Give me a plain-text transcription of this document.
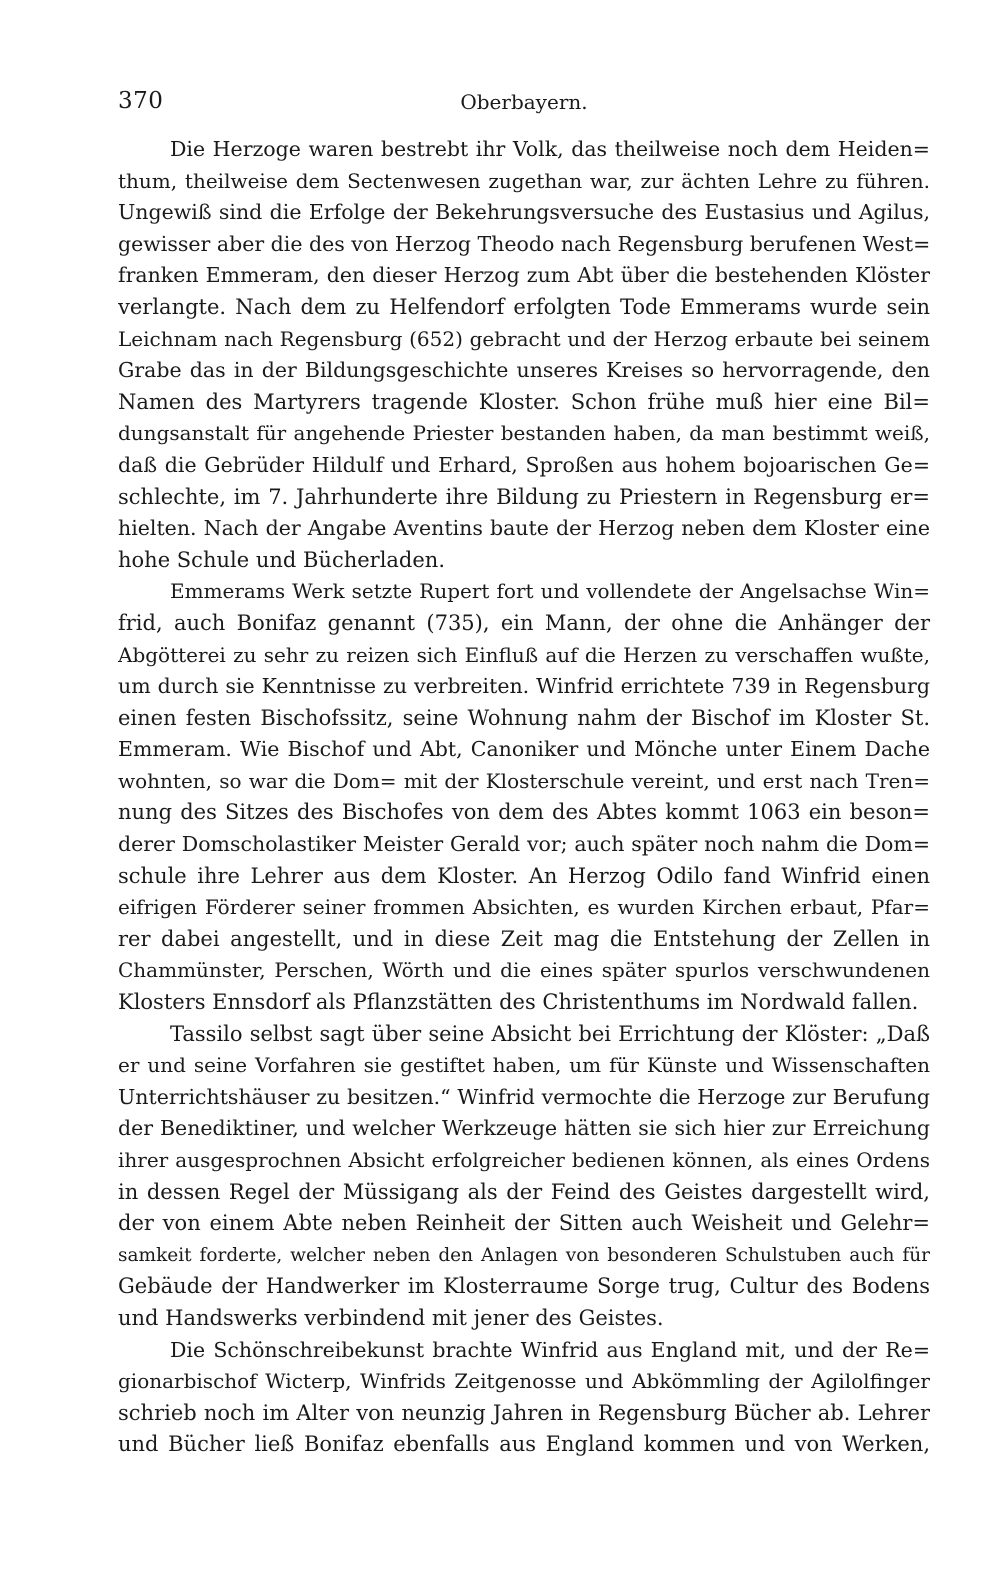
370	Oberbayern.
Die Herzoge waren bestrebt ihr Volk, das theilweise noch dem Heiden=
thum, theilweise dem Sectenwesen zugethan war, zur ächten Lehre zu führen.
Ungewiß sind die Erfolge der Bekehrungsversuche des Eustasius und Agilus,
gewisser aber die des von Herzog Theodo nach Regensburg berufenen West=
franken Emmeram, den dieser Herzog zum Abt über die bestehenden Klöster
verlangte. Nach dem zu Helfendorf erfolgten Tode Emmerams wurde sein
Leichnam nach Regensburg (652) gebracht und der Herzog erbaute bei seinem
Grabe das in der Bildungsgeschichte unseres Kreises so hervorragende, den
Namen des Martyrers tragende Kloster. Schon frühe muß hier eine Bil=
dungsanstalt für angehende Priester bestanden haben, da man bestimmt weiß,
daß die Gebrüder Hildulf und Erhard, Sproßen aus hohem bojoarischen Ge=
schlechte, im 7. Jahrhunderte ihre Bildung zu Priestern in Regensburg er=
hielten. Nach der Angabe Aventins baute der Herzog neben dem Kloster eine
hohe Schule und Bücherladen.
Emmerams Werk setzte Rupert fort und vollendete der Angelsachse Win=
frid, auch Bonifaz genannt (735), ein Mann, der ohne die Anhänger der
Abgötterei zu sehr zu reizen sich Einfluß auf die Herzen zu verschaffen wußte,
um durch sie Kenntnisse zu verbreiten. Winfrid errichtete 739 in Regensburg
einen festen Bischofssitz, seine Wohnung nahm der Bischof im Kloster St.
Emmeram. Wie Bischof und Abt, Canoniker und Mönche unter Einem Dache
wohnten, so war die Dom= mit der Klosterschule vereint, und erst nach Tren=
nung des Sitzes des Bischofes von dem des Abtes kommt 1063 ein beson=
derer Domscholastiker Meister Gerald vor; auch später noch nahm die Dom=
schule ihre Lehrer aus dem Kloster. An Herzog Odilo fand Winfrid einen
eifrigen Förderer seiner frommen Absichten, es wurden Kirchen erbaut, Pfar=
rer dabei angestellt, und in diese Zeit mag die Entstehung der Zellen in
Chammünster, Perschen, Wörth und die eines später spurlos verschwundenen
Klosters Ennsdorf als Pflanzstätten des Christenthums im Nordwald fallen.
Tassilo selbst sagt über seine Absicht bei Errichtung der Klöster: „Daß
er und seine Vorfahren sie gestiftet haben, um für Künste und Wissenschaften
Unterrichtshäuser zu besitzen.“ Winfrid vermochte die Herzoge zur Berufung
der Benediktiner, und welcher Werkzeuge hätten sie sich hier zur Erreichung
ihrer ausgesprochnen Absicht erfolgreicher bedienen können, als eines Ordens
in dessen Regel der Müssigang als der Feind des Geistes dargestellt wird,
der von einem Abte neben Reinheit der Sitten auch Weisheit und Gelehr=
samkeit forderte, welcher neben den Anlagen von besonderen Schulstuben auch für
Gebäude der Handwerker im Klosterraume Sorge trug, Cultur des Bodens
und Handswerks verbindend mit jener des Geistes.
Die Schönschreibekunst brachte Winfrid aus England mit, und der Re=
gionarbischof Wicterp, Winfrids Zeitgenosse und Abkömmling der Agilolfinger
schrieb noch im Alter von neunzig Jahren in Regensburg Bücher ab. Lehrer
und Bücher ließ Bonifaz ebenfalls aus England kommen und von Werken,
